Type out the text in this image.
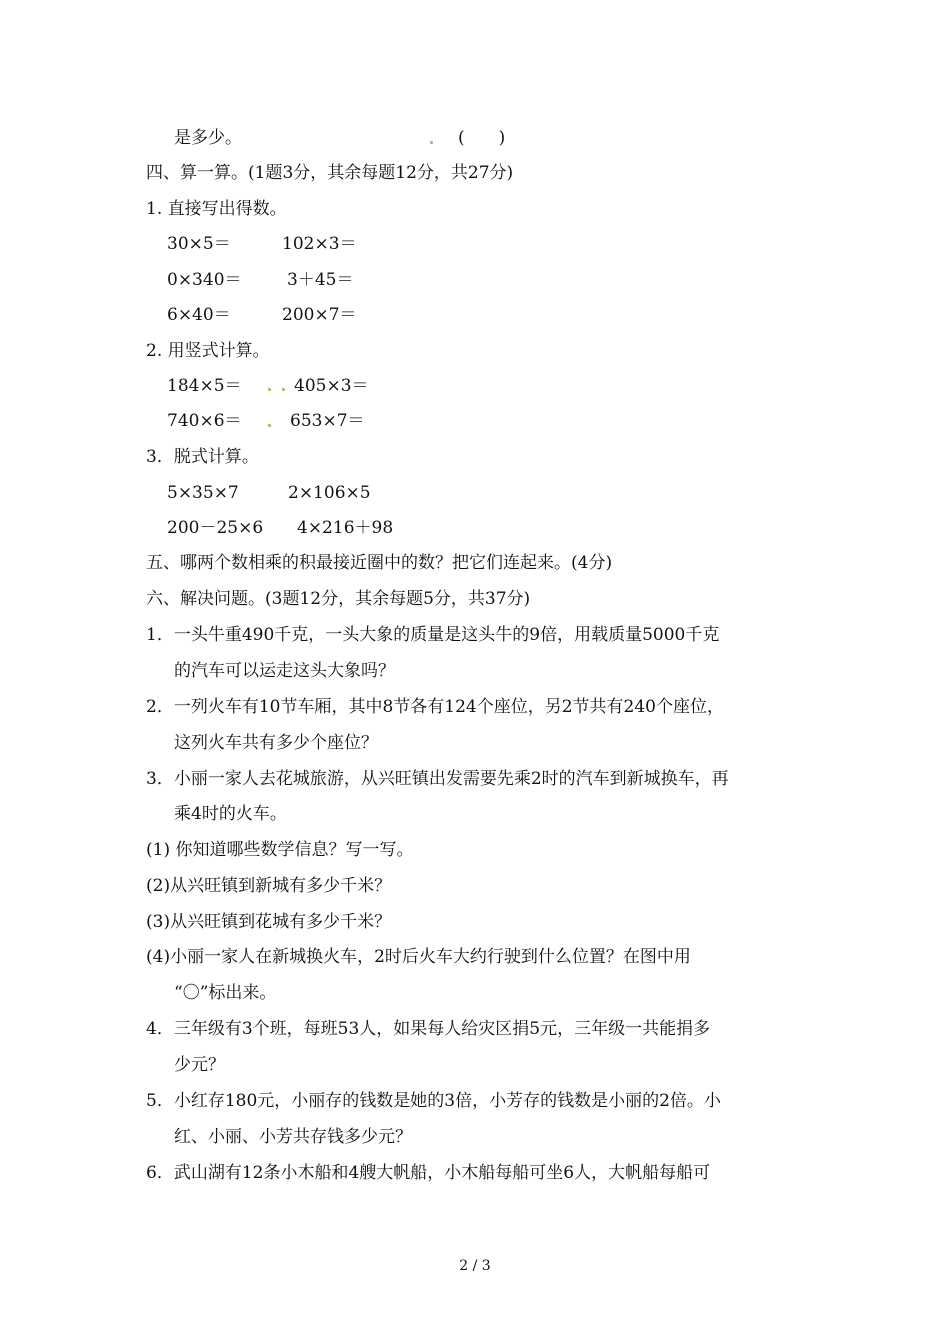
是多少。	(　　)
四、算一算。(1题3分，其余每题12分，共27分)
1. 直接写出得数。
30×5＝	102×3＝
0×340＝	3＋45＝
6×40＝	200×7＝
2. 用竖式计算。
184×5＝	405×3＝
740×6＝	653×7＝
3．脱式计算。
5×35×7	2×106×5
200－25×6 4×216＋98
五、哪两个数相乘的积最接近圈中的数？把它们连起来。(4分)
六、解决问题。(3题12分，其余每题5分，共37分)
1．一头牛重490千克，一头大象的质量是这头牛的9倍，用载质量5000千克
的汽车可以运走这头大象吗？
2．一列火车有10节车厢，其中8节各有124个座位，另2节共有240个座位，
这列火车共有多少个座位？
3．小丽一家人去花城旅游，从兴旺镇出发需要先乘2时的汽车到新城换车，再
乘4时的火车。
(1) 你知道哪些数学信息？写一写。
(2)从兴旺镇到新城有多少千米？
(3)从兴旺镇到花城有多少千米？
(4)小丽一家人在新城换火车，2时后火车大约行驶到什么位置？在图中用
“〇”标出来。
4．三年级有3个班，每班53人，如果每人给灾区捐5元，三年级一共能捐多
少元？
5．小红存180元，小丽存的钱数是她的3倍，小芳存的钱数是小丽的2倍。小
红、小丽、小芳共存钱多少元？
6．武山湖有12条小木船和4艘大帆船，小木船每船可坐6人，大帆船每船可
2 / 3
